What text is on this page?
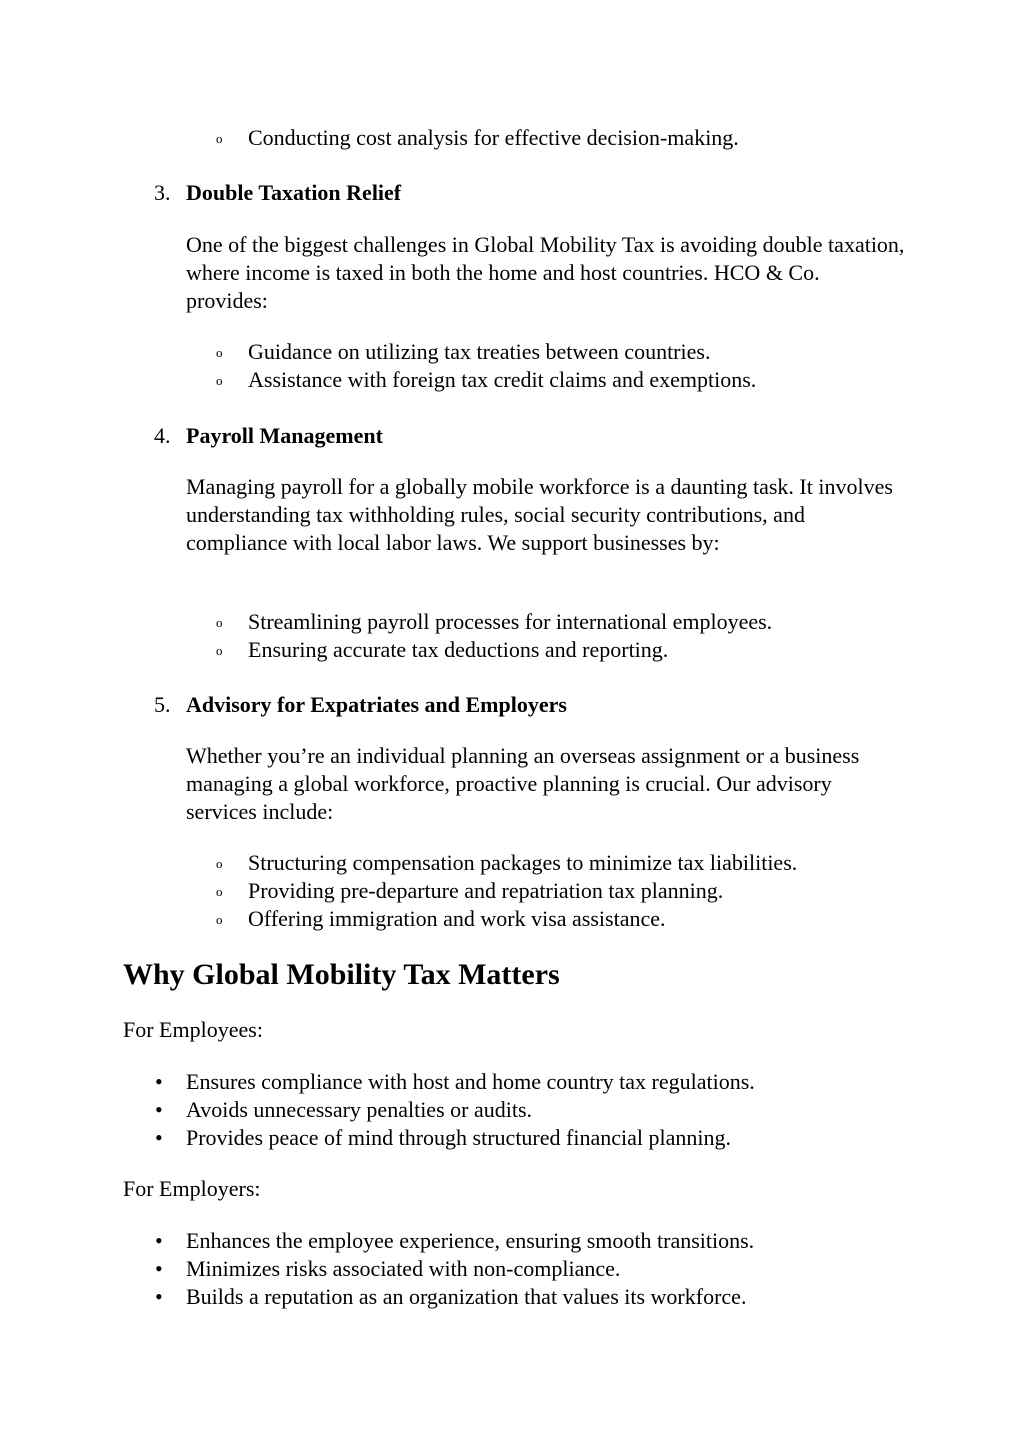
o Conducting cost analysis for effective decision-making.
3. Double Taxation Relief
One of the biggest challenges in Global Mobility Tax is avoiding double taxation, where income is taxed in both the home and host countries. HCO & Co. provides:
o Guidance on utilizing tax treaties between countries.
o Assistance with foreign tax credit claims and exemptions.
4. Payroll Management
Managing payroll for a globally mobile workforce is a daunting task. It involves understanding tax withholding rules, social security contributions, and compliance with local labor laws. We support businesses by:
o Streamlining payroll processes for international employees.
o Ensuring accurate tax deductions and reporting.
5. Advisory for Expatriates and Employers
Whether you’re an individual planning an overseas assignment or a business managing a global workforce, proactive planning is crucial. Our advisory services include:
o Structuring compensation packages to minimize tax liabilities.
o Providing pre-departure and repatriation tax planning.
o Offering immigration and work visa assistance.
Why Global Mobility Tax Matters
For Employees:
• Ensures compliance with host and home country tax regulations.
• Avoids unnecessary penalties or audits.
• Provides peace of mind through structured financial planning.
For Employers:
• Enhances the employee experience, ensuring smooth transitions.
• Minimizes risks associated with non-compliance.
• Builds a reputation as an organization that values its workforce.
